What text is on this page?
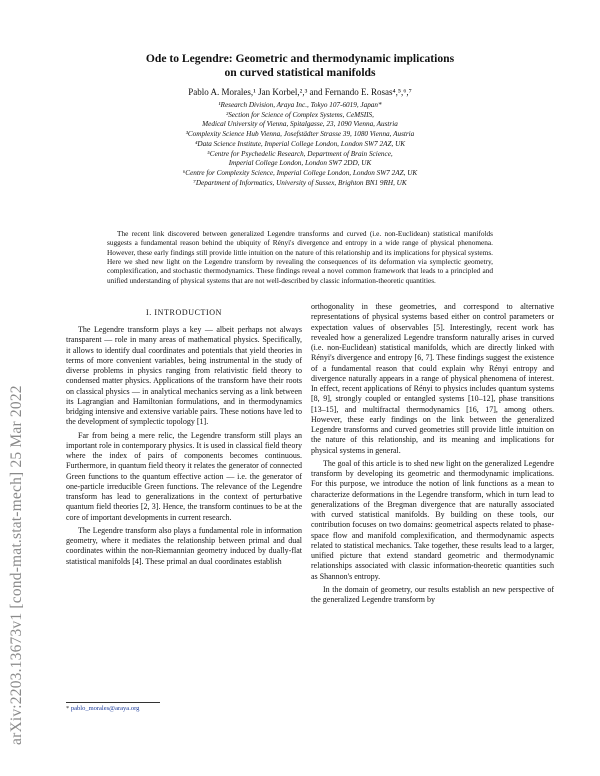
arXiv:2203.13673v1 [cond-mat.stat-mech] 25 Mar 2022
Ode to Legendre: Geometric and thermodynamic implications
on curved statistical manifolds
Pablo A. Morales,¹ Jan Korbel,²,³ and Fernando E. Rosas⁴,⁵,⁶,⁷
¹Research Division, Araya Inc., Tokyo 107-6019, Japan*
²Section for Science of Complex Systems, CeMSIIS,
Medical University of Vienna, Spitalgasse, 23, 1090 Vienna, Austria
³Complexity Science Hub Vienna, Josefstädter Strasse 39, 1080 Vienna, Austria
⁴Data Science Institute, Imperial College London, London SW7 2AZ, UK
⁵Centre for Psychedelic Research, Department of Brain Science,
Imperial College London, London SW7 2DD, UK
⁶Centre for Complexity Science, Imperial College London, London SW7 2AZ, UK
⁷Department of Informatics, University of Sussex, Brighton BN1 9RH, UK
The recent link discovered between generalized Legendre transforms and curved (i.e. non-Euclidean) statistical manifolds suggests a fundamental reason behind the ubiquity of Rényi's divergence and entropy in a wide range of physical phenomena. However, these early findings still provide little intuition on the nature of this relationship and its implications for physical systems. Here we shed new light on the Legendre transform by revealing the consequences of its deformation via symplectic geometry, complexification, and stochastic thermodynamics. These findings reveal a novel common framework that leads to a principled and unified understanding of physical systems that are not well-described by classic information-theoretic quantities.
I. INTRODUCTION

The Legendre transform plays a key — albeit perhaps not always transparent — role in many areas of mathematical physics. Specifically, it allows to identify dual coordinates and potentials that yield theories in terms of more convenient variables, being instrumental in the study of diverse problems in physics ranging from relativistic field theory to condensed matter physics. Applications of the transform have their roots on classical physics — in analytical mechanics serving as a link between its Lagrangian and Hamiltonian formulations, and in thermodynamics bridging intensive and extensive variable pairs. These notions have led to the development of symplectic topology [1].

Far from being a mere relic, the Legendre transform still plays an important role in contemporary physics. It is used in classical field theory where the index of pairs of components becomes continuous. Furthermore, in quantum field theory it relates the generator of connected Green functions to the quantum effective action — i.e. the generator of one-particle irreducible Green functions. The relevance of the Legendre transform has lead to generalizations in the context of perturbative quantum field theories [2, 3]. Hence, the transform continues to be at the core of important developments in current research.

The Legendre transform also plays a fundamental role in information geometry, where it mediates the relationship between primal and dual coordinates within the non-Riemannian geometry induced by dually-flat statistical manifolds [4]. These primal an dual coordinates establish

orthogonality in these geometries, and correspond to alternative representations of physical systems based either on control parameters or expectation values of observables [5]. Interestingly, recent work has revealed how a generalized Legendre transform naturally arises in curved (i.e. non-Euclidean) statistical manifolds, which are directly linked with Rényi's divergence and entropy [6, 7]. These findings suggest the existence of a fundamental reason that could explain why Rényi entropy and divergence naturally appears in a range of physical phenomena of interest. In effect, recent applications of Rényi to physics includes quantum systems [8, 9], strongly coupled or entangled systems [10–12], phase transitions [13–15], and multifractal thermodynamics [16, 17], among others. However, these early findings on the link between the generalized Legendre transforms and curved geometries still provide little intuition on the nature of this relationship, and its meaning and implications for physical systems in general.

The goal of this article is to shed new light on the generalized Legendre transform by developing its geometric and thermodynamic implications. For this purpose, we introduce the notion of link functions as a mean to characterize deformations in the Legendre transform, which in turn lead to generalizations of the Bregman divergence that are naturally associated with curved statistical manifolds. By building on these tools, our contribution focuses on two domains: geometrical aspects related to phase-space flow and manifold complexification, and thermodynamic aspects related to statistical mechanics. Take together, these results lead to a larger, unified picture that extend standard geometric and thermodynamic relationships associated with classic information-theoretic quantities such as Shannon's entropy.

In the domain of geometry, our results establish an new perspective of the generalized Legendre transform by

* pablo_morales@araya.org
